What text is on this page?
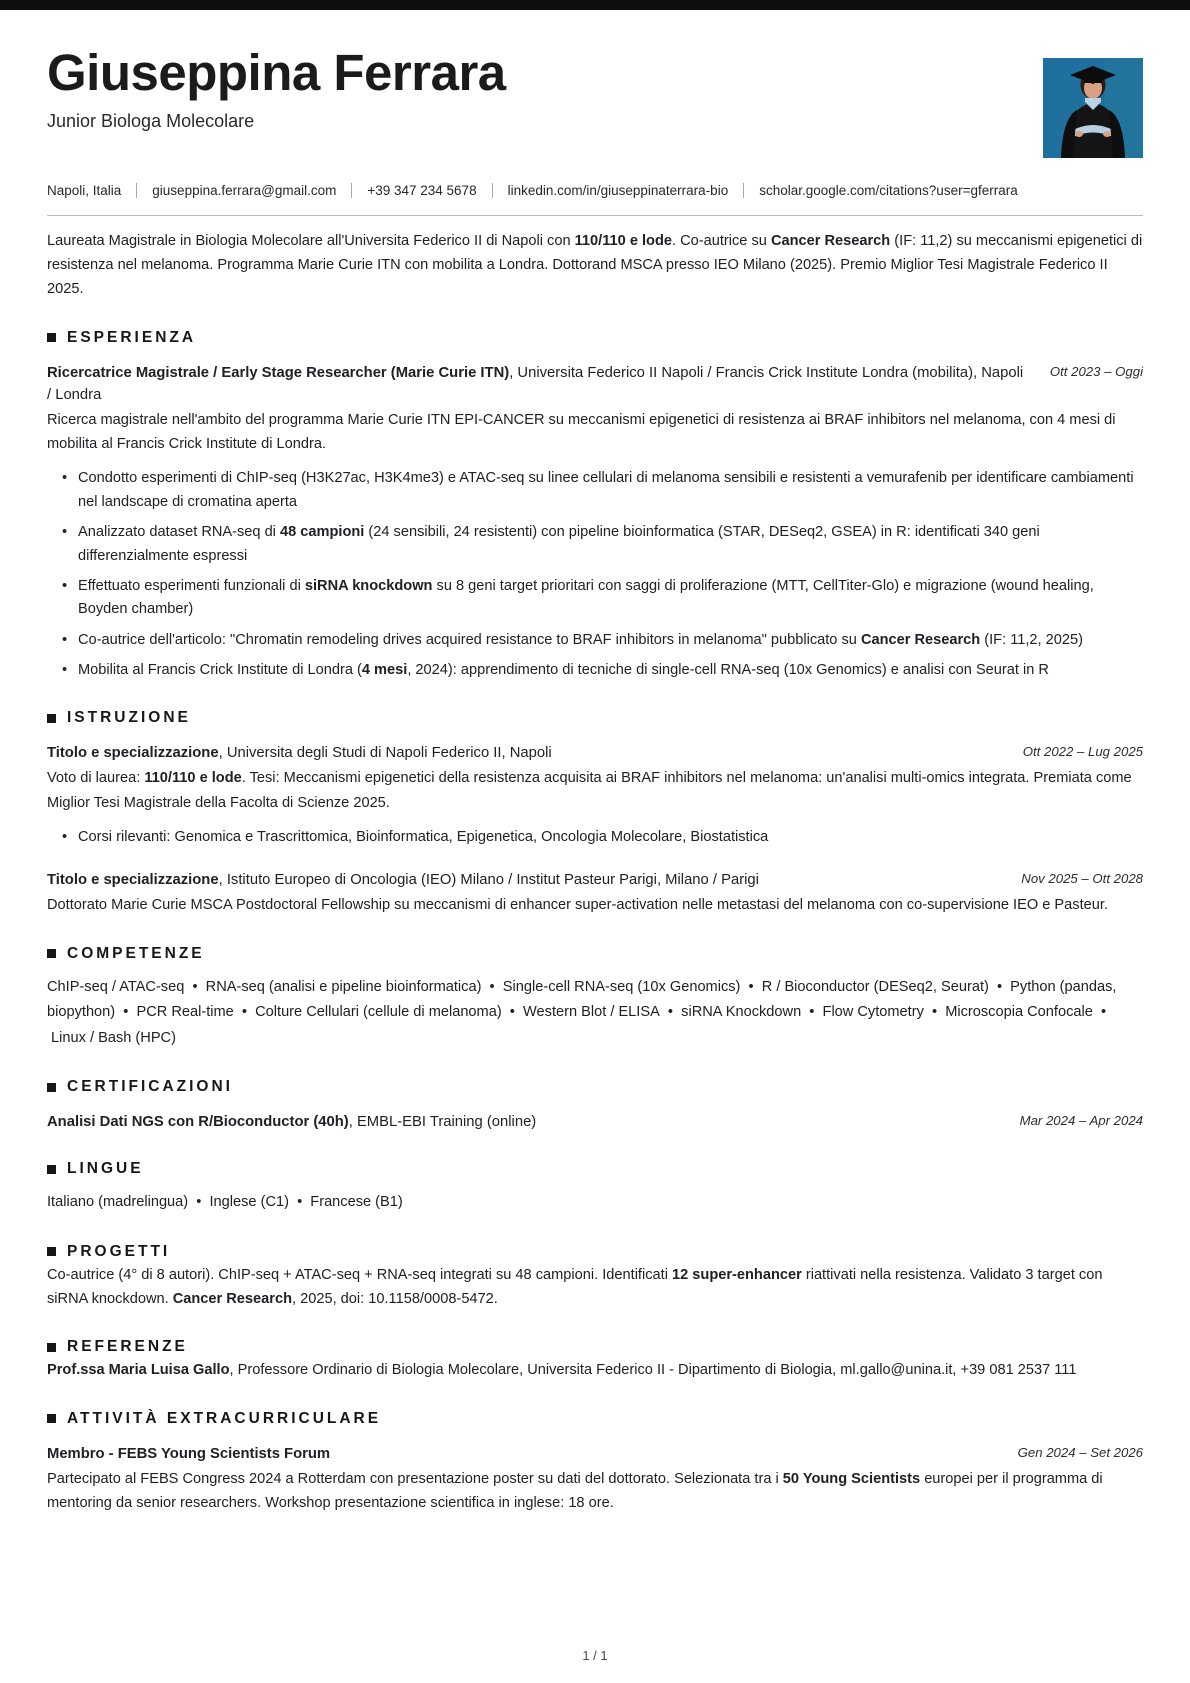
Giuseppina Ferrara
Junior Biologa Molecolare
Napoli, Italia giuseppina.ferrara@gmail.com +39 347 234 5678 linkedin.com/in/giuseppinaterrara-bio scholar.google.com/citations?user=gferrara

Laureata Magistrale in Biologia Molecolare all'Universita Federico II di Napoli con 110/110 e lode. Co-autrice su Cancer Research (IF: 11,2) su meccanismi epigenetici di resistenza nel melanoma. Programma Marie Curie ITN con mobilita a Londra. Dottorand MSCA presso IEO Milano (2025). Premio Miglior Tesi Magistrale Federico II 2025.

ESPERIENZA
Ricercatrice Magistrale / Early Stage Researcher (Marie Curie ITN), Universita Federico II Napoli / Francis Crick Institute Londra (mobilita), Napoli / Londra
Ott 2023 – Oggi
Ricerca magistrale nell'ambito del programma Marie Curie ITN EPI-CANCER su meccanismi epigenetici di resistenza ai BRAF inhibitors nel melanoma, con 4 mesi di mobilita al Francis Crick Institute di Londra.
• Condotto esperimenti di ChIP-seq (H3K27ac, H3K4me3) e ATAC-seq su linee cellulari di melanoma sensibili e resistenti a vemurafenib per identificare cambiamenti nel landscape di cromatina aperta
• Analizzato dataset RNA-seq di 48 campioni (24 sensibili, 24 resistenti) con pipeline bioinformatica (STAR, DESeq2, GSEA) in R: identificati 340 geni differenzialmente espressi
• Effettuato esperimenti funzionali di siRNA knockdown su 8 geni target prioritari con saggi di proliferazione (MTT, CellTiter-Glo) e migrazione (wound healing, Boyden chamber)
• Co-autrice dell'articolo: "Chromatin remodeling drives acquired resistance to BRAF inhibitors in melanoma" pubblicato su Cancer Research (IF: 11,2, 2025)
• Mobilita al Francis Crick Institute di Londra (4 mesi, 2024): apprendimento di tecniche di single-cell RNA-seq (10x Genomics) e analisi con Seurat in R
ISTRUZIONE
Titolo e specializzazione, Universita degli Studi di Napoli Federico II, Napoli	Ott 2022 – Lug 2025
Voto di laurea: 110/110 e lode. Tesi: Meccanismi epigenetici della resistenza acquisita ai BRAF inhibitors nel melanoma: un'analisi multi-omics integrata. Premiata come Miglior Tesi Magistrale della Facolta di Scienze 2025.
• Corsi rilevanti: Genomica e Trascrittomica, Bioinformatica, Epigenetica, Oncologia Molecolare, Biostatistica
Titolo e specializzazione, Istituto Europeo di Oncologia (IEO) Milano / Institut Pasteur Parigi, Milano / Parigi	Nov 2025 – Ott 2028
Dottorato Marie Curie MSCA Postdoctoral Fellowship su meccanismi di enhancer super-activation nelle metastasi del melanoma con co-supervisione IEO e Pasteur.
COMPETENZE
ChIP-seq / ATAC-seq  •  RNA-seq (analisi e pipeline bioinformatica)  •  Single-cell RNA-seq (10x Genomics)  •  R / Bioconductor (DESeq2, Seurat)  •  Python (pandas, biopython)  •  PCR Real-time  •  Colture Cellulari (cellule di melanoma)  •  Western Blot / ELISA  •  siRNA Knockdown  •  Flow Cytometry  •  Microscopia Confocale  •  Linux / Bash (HPC)
CERTIFICAZIONI
Analisi Dati NGS con R/Bioconductor (40h), EMBL-EBI Training (online)	Mar 2024 – Apr 2024
LINGUE
Italiano (madrelingua)  •  Inglese (C1)  •  Francese (B1)
PROGETTI
Co-autrice (4° di 8 autori). ChIP-seq + ATAC-seq + RNA-seq integrati su 48 campioni. Identificati 12 super-enhancer riattivati nella resistenza. Validato 3 target con siRNA knockdown. Cancer Research, 2025, doi: 10.1158/0008-5472.
REFERENZE
Prof.ssa Maria Luisa Gallo, Professore Ordinario di Biologia Molecolare, Universita Federico II - Dipartimento di Biologia, ml.gallo@unina.it, +39 081 2537 111
ATTIVITÀ EXTRACURRICULARE
Membro - FEBS Young Scientists Forum	Gen 2024 – Set 2026
Partecipato al FEBS Congress 2024 a Rotterdam con presentazione poster su dati del dottorato. Selezionata tra i 50 Young Scientists europei per il programma di mentoring da senior researchers. Workshop presentazione scientifica in inglese: 18 ore.
1 / 1
